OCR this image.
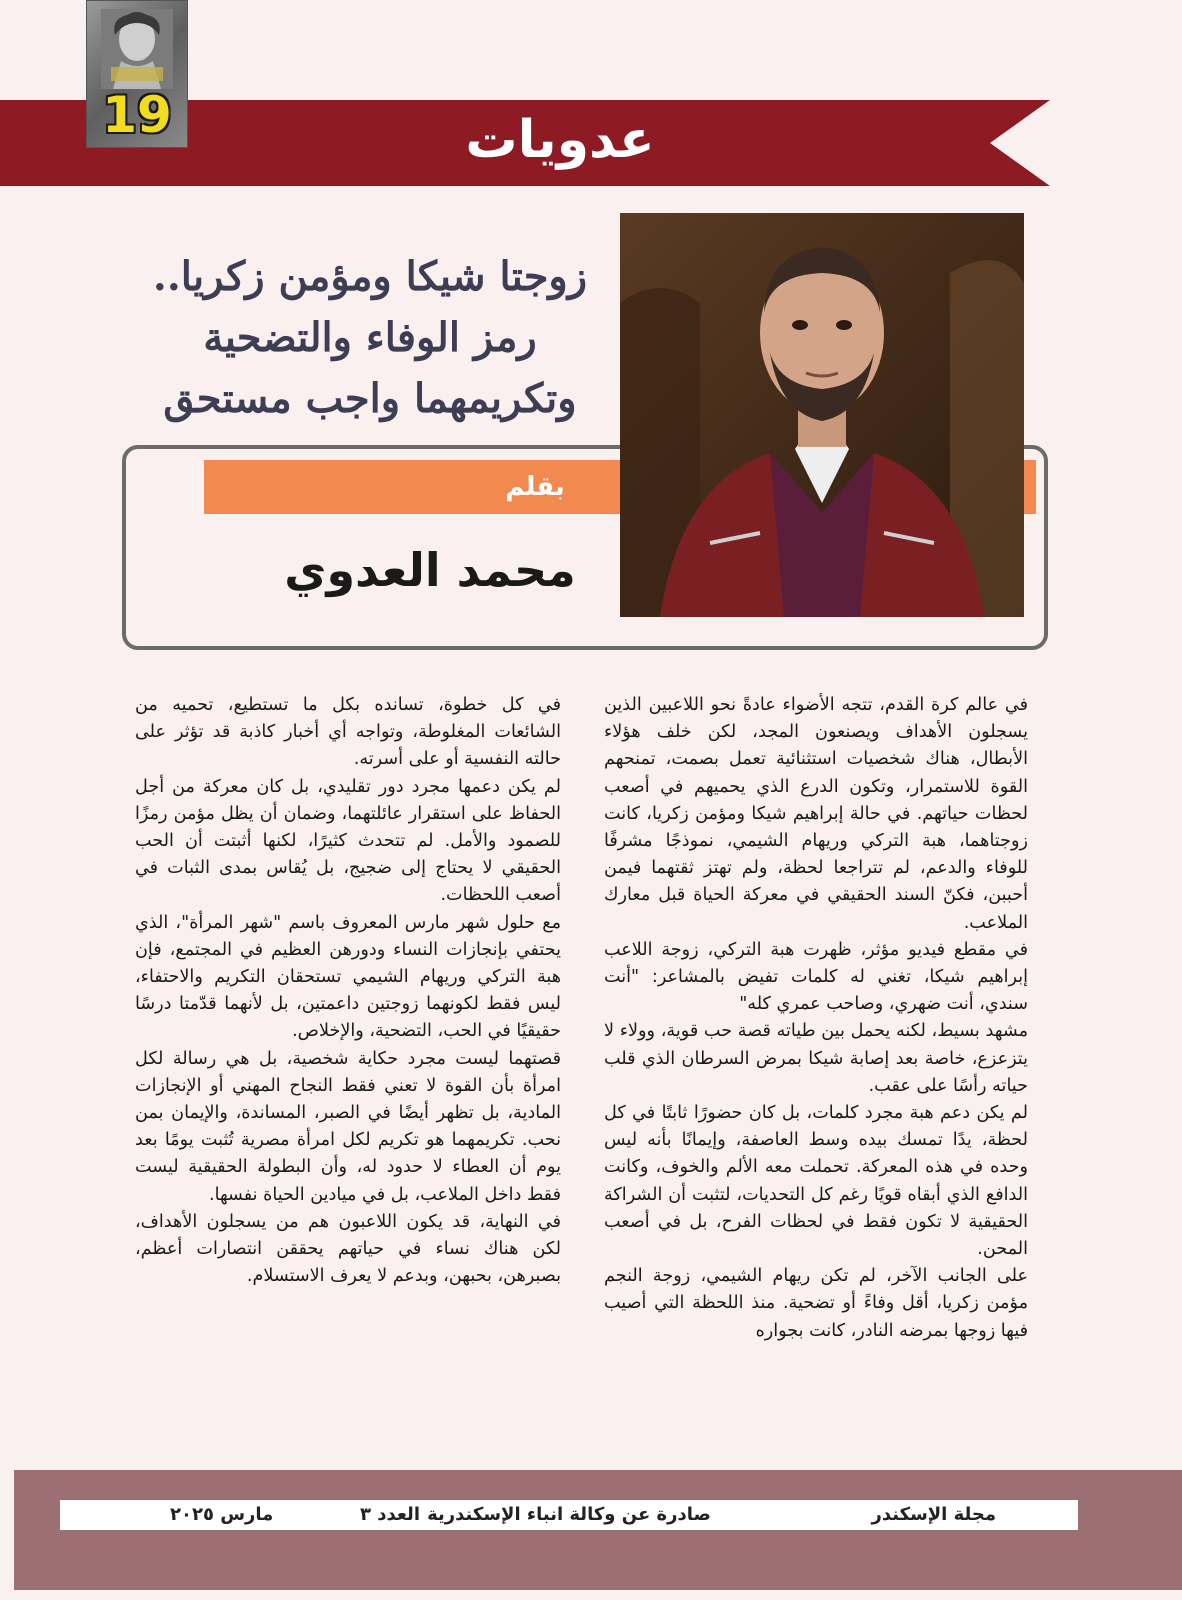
19	عدويات
زوجتا شيكا ومؤمن زكريا..
رمز الوفاء والتضحية
وتكريمهما واجب مستحق
بقلم
محمد العدوي

في عالم كرة القدم، تتجه الأضواء عادةً نحو اللاعبين الذين يسجلون الأهداف ويصنعون المجد، لكن خلف هؤلاء الأبطال، هناك شخصيات استثنائية تعمل بصمت، تمنحهم القوة للاستمرار، وتكون الدرع الذي يحميهم في أصعب لحظات حياتهم. في حالة إبراهيم شيكا ومؤمن زكريا، كانت زوجتاهما، هبة التركي وريهام الشيمي، نموذجًا مشرفًا للوفاء والدعم، لم تتراجعا لحظة، ولم تهتز ثقتهما فيمن أحببن، فكنّ السند الحقيقي في معركة الحياة قبل معارك الملاعب.

في مقطع فيديو مؤثر، ظهرت هبة التركي، زوجة اللاعب إبراهيم شيكا، تغني له كلمات تفيض بالمشاعر: "أنت سندي، أنت ضهري، وصاحب عمري كله"

مشهد بسيط، لكنه يحمل بين طياته قصة حب قوية، وولاء لا يتزعزع، خاصة بعد إصابة شيكا بمرض السرطان الذي قلب حياته رأسًا على عقب.

لم يكن دعم هبة مجرد كلمات، بل كان حضورًا ثابتًا في كل لحظة، يدًا تمسك بيده وسط العاصفة، وإيمانًا بأنه ليس وحده في هذه المعركة. تحملت معه الألم والخوف، وكانت الدافع الذي أبقاه قويًا رغم كل التحديات، لتثبت أن الشراكة الحقيقية لا تكون فقط في لحظات الفرح، بل في أصعب المحن.

على الجانب الآخر، لم تكن ريهام الشيمي، زوجة النجم مؤمن زكريا، أقل وفاءً أو تضحية. منذ اللحظة التي أصيب فيها زوجها بمرضه النادر، كانت بجواره

في كل خطوة، تسانده بكل ما تستطيع، تحميه من الشائعات المغلوطة، وتواجه أي أخبار كاذبة قد تؤثر على حالته النفسية أو على أسرته.

لم يكن دعمها مجرد دور تقليدي، بل كان معركة من أجل الحفاظ على استقرار عائلتهما، وضمان أن يظل مؤمن رمزًا للصمود والأمل. لم تتحدث كثيرًا، لكنها أثبتت أن الحب الحقيقي لا يحتاج إلى ضجيج، بل يُقاس بمدى الثبات في أصعب اللحظات.

مع حلول شهر مارس المعروف باسم "شهر المرأة"، الذي يحتفي بإنجازات النساء ودورهن العظيم في المجتمع، فإن هبة التركي وريهام الشيمي تستحقان التكريم والاحتفاء، ليس فقط لكونهما زوجتين داعمتين، بل لأنهما قدّمتا درسًا حقيقيًا في الحب، التضحية، والإخلاص.

قصتهما ليست مجرد حكاية شخصية، بل هي رسالة لكل امرأة بأن القوة لا تعني فقط النجاح المهني أو الإنجازات المادية، بل تظهر أيضًا في الصبر، المساندة، والإيمان بمن نحب. تكريمهما هو تكريم لكل امرأة مصرية تُثبت يومًا بعد يوم أن العطاء لا حدود له، وأن البطولة الحقيقية ليست فقط داخل الملاعب، بل في ميادين الحياة نفسها.

في النهاية، قد يكون اللاعبون هم من يسجلون الأهداف، لكن هناك نساء في حياتهم يحققن انتصارات أعظم، بصبرهن، بحبهن، وبدعم لا يعرف الاستسلام.

مجلة الإسكندر
صادرة عن وكالة انباء الإسكندرية
العدد ٣
مارس ٢٠٢٥
